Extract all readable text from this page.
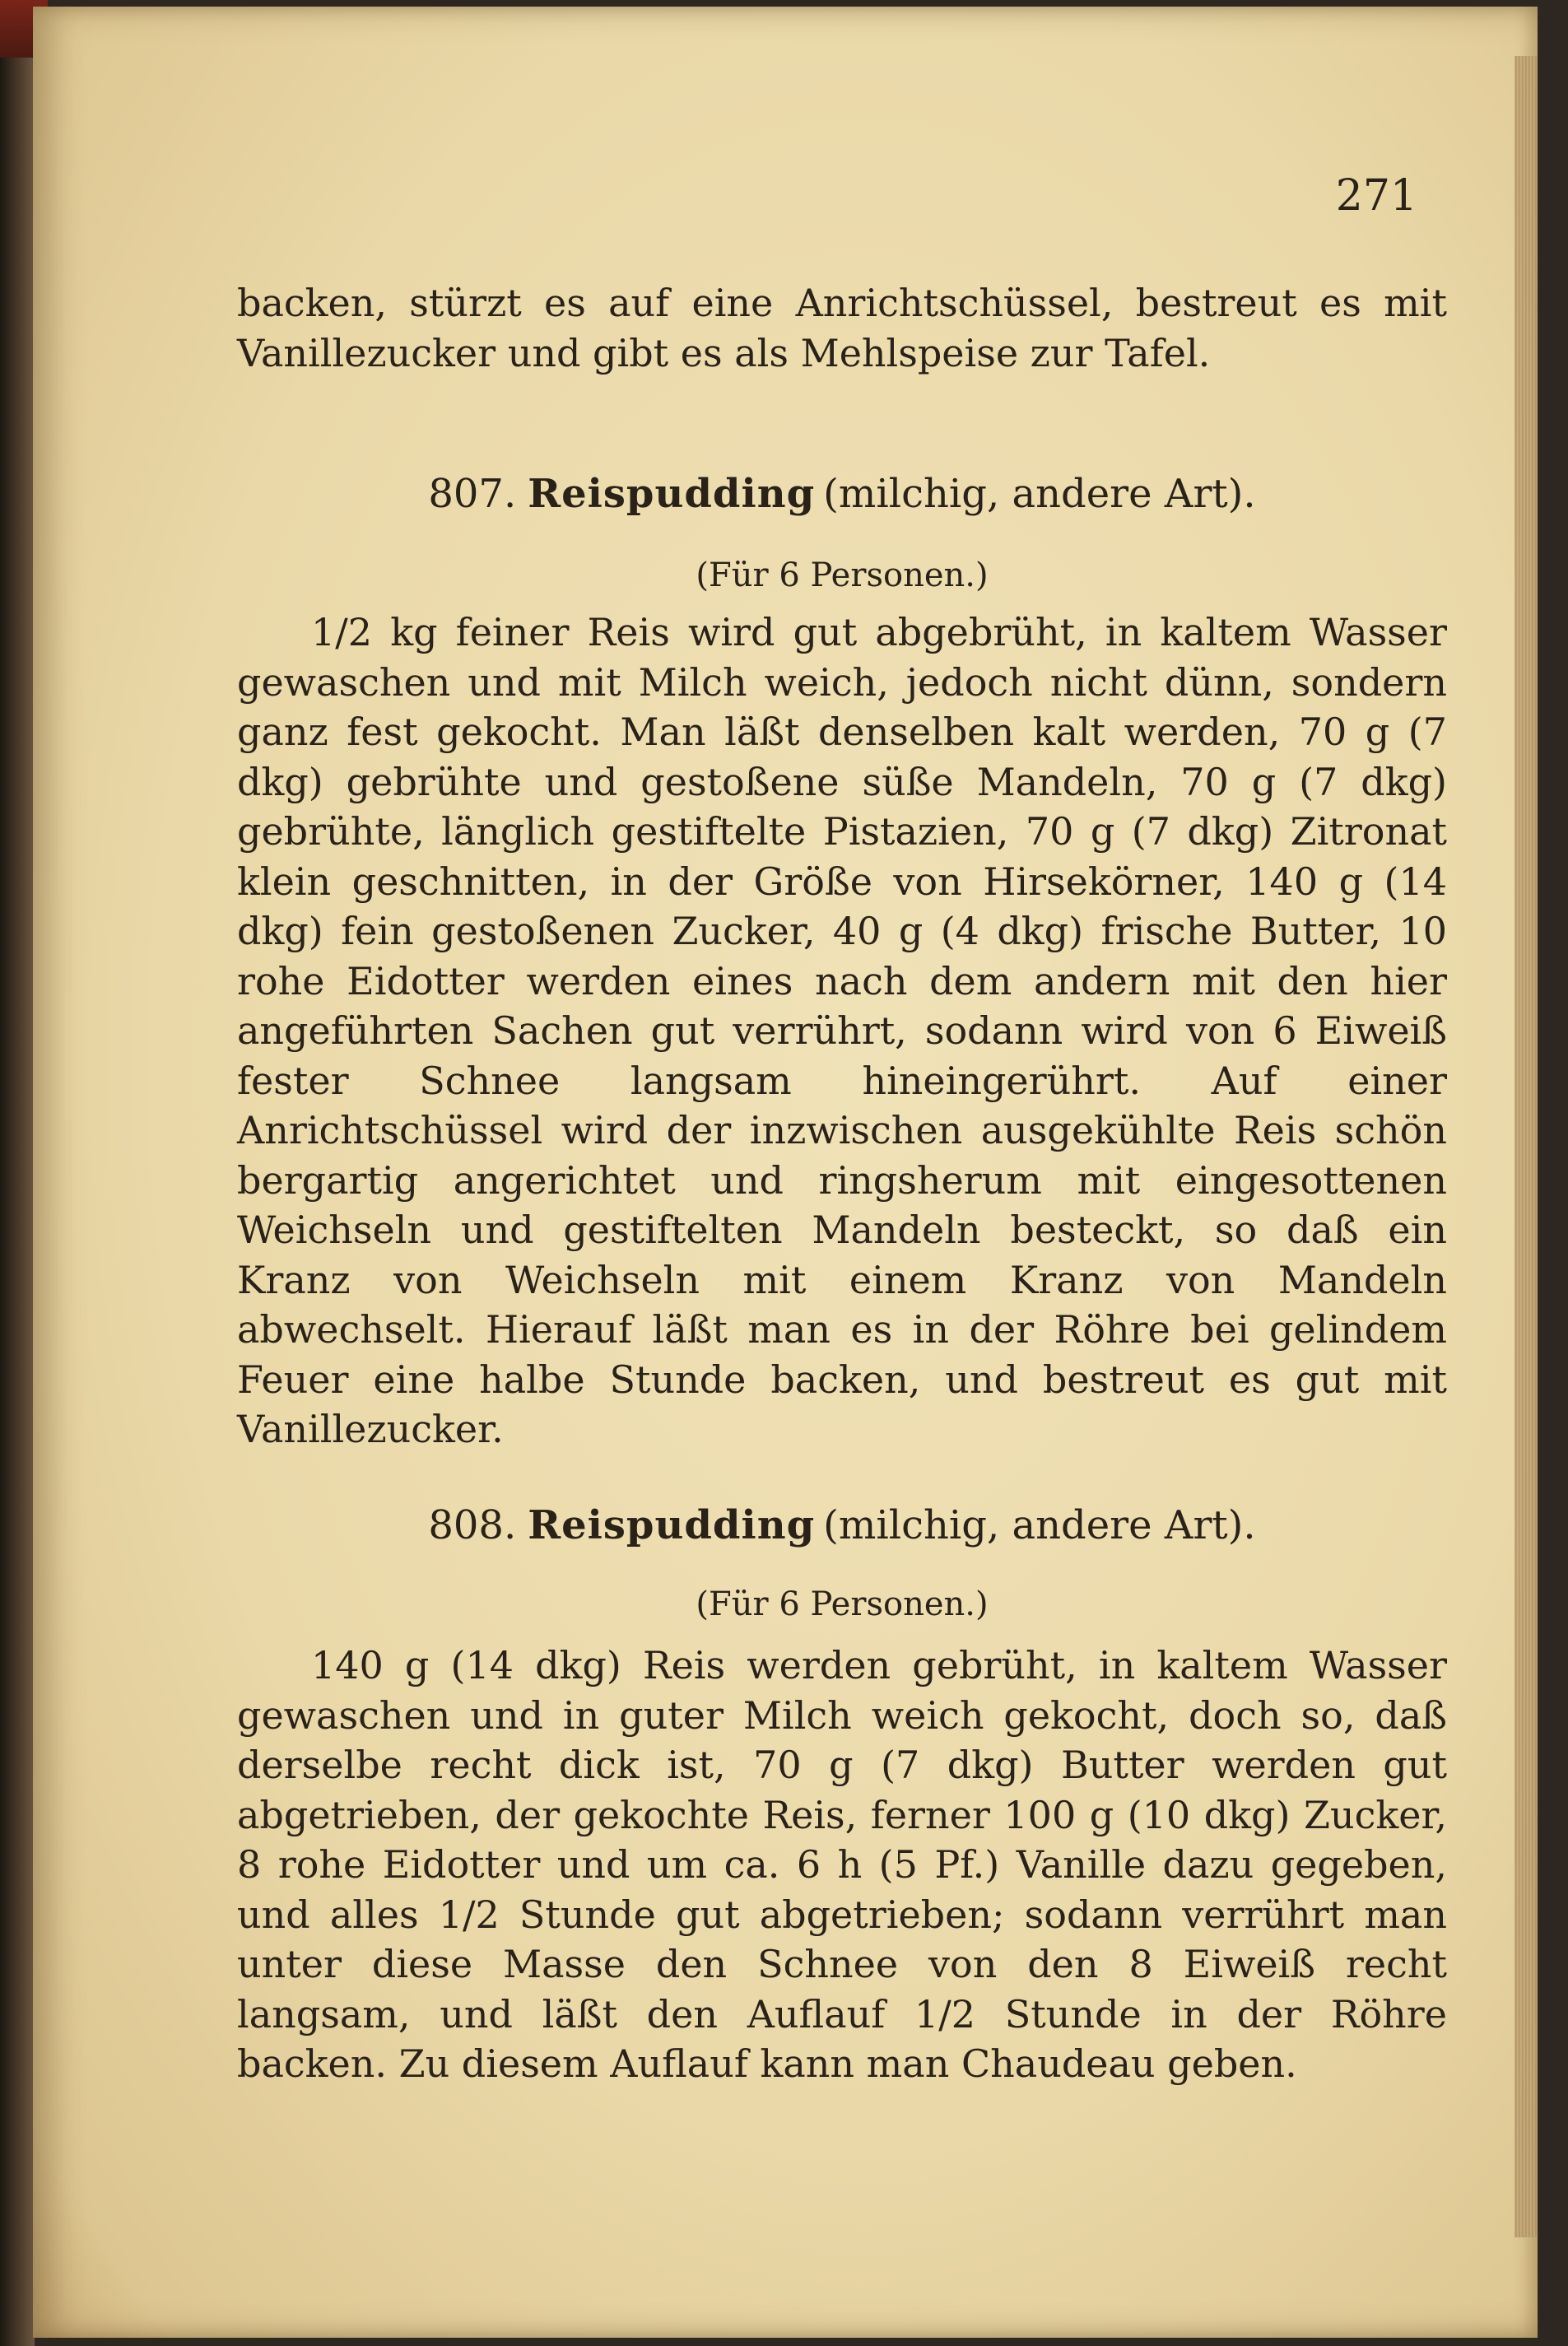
271
backen, stürzt es auf eine Anrichtschüssel, bestreut es mit Vanillezucker und gibt es als Mehlspeise zur Tafel.
807. Reispudding (milchig, andere Art).
(Für 6 Personen.)
1/2 kg feiner Reis wird gut abgebrüht, in kaltem Wasser gewaschen und mit Milch weich, jedoch nicht dünn, sondern ganz fest gekocht. Man läßt denselben kalt werden, 70 g (7 dkg) gebrühte und gestoßene süße Mandeln, 70 g (7 dkg) gebrühte, länglich gestiftelte Pistazien, 70 g (7 dkg) Zitronat klein geschnitten, in der Größe von Hirsekörner, 140 g (14 dkg) fein gestoßenen Zucker, 40 g (4 dkg) frische Butter, 10 rohe Eidotter werden eines nach dem andern mit den hier angeführten Sachen gut verrührt, sodann wird von 6 Eiweiß fester Schnee langsam hineingerührt. Auf einer Anrichtschüssel wird der inzwischen ausgekühlte Reis schön bergartig angerichtet und ringsherum mit eingesottenen Weichseln und gestiftelten Mandeln besteckt, so daß ein Kranz von Weichseln mit einem Kranz von Mandeln abwechselt. Hierauf läßt man es in der Röhre bei gelindem Feuer eine halbe Stunde backen, und bestreut es gut mit Vanillezucker.
808. Reispudding (milchig, andere Art).
(Für 6 Personen.)
140 g (14 dkg) Reis werden gebrüht, in kaltem Wasser gewaschen und in guter Milch weich gekocht, doch so, daß derselbe recht dick ist, 70 g (7 dkg) Butter werden gut abgetrieben, der gekochte Reis, ferner 100 g (10 dkg) Zucker, 8 rohe Eidotter und um ca. 6 h (5 Pf.) Vanille dazu gegeben, und alles 1/2 Stunde gut abgetrieben; sodann verrührt man unter diese Masse den Schnee von den 8 Eiweiß recht langsam, und läßt den Auflauf 1/2 Stunde in der Röhre backen. Zu diesem Auflauf kann man Chaudeau geben.
